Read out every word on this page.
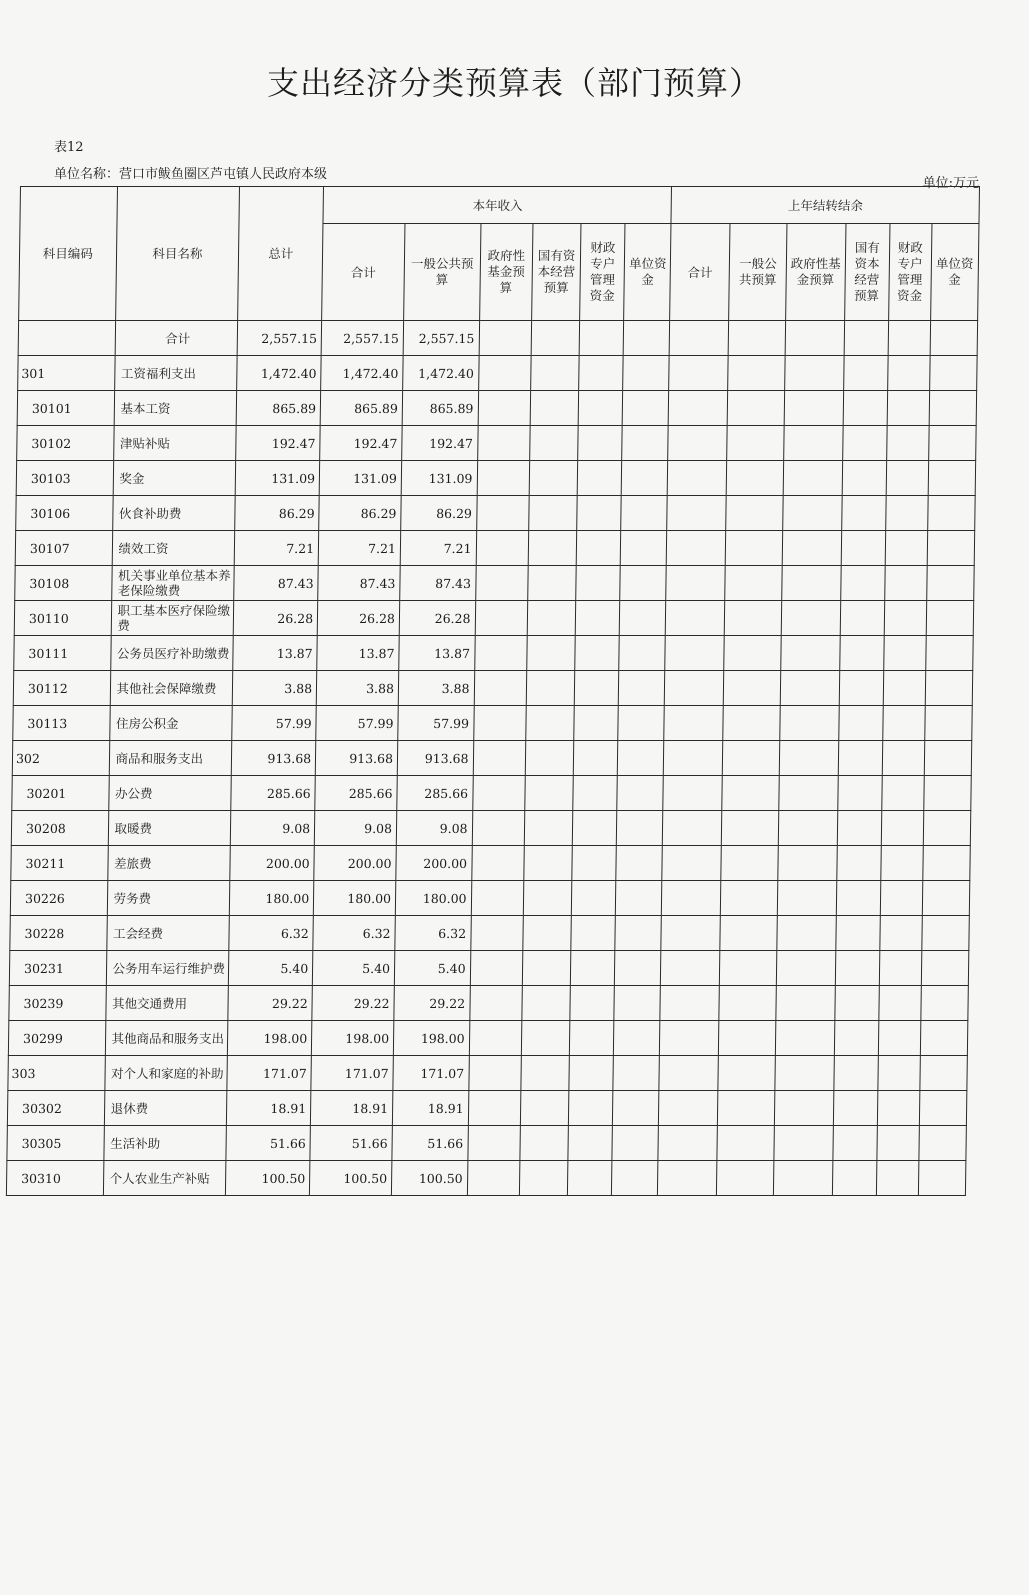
支出经济分类预算表（部门预算）
表12
单位名称：营口市鲅鱼圈区芦屯镇人民政府本级
单位:万元
科目编码	科目名称	总计	本年收入						上年结转结余					
			合计	一般公共预算	政府性基金预算	国有资本经营预算	财政专户管理资金	单位资金	合计	一般公共预算	政府性基金预算	国有资本经营预算	财政专户管理资金	单位资金
	合计	2,557.15	2,557.15	2,557.15										
301	工资福利支出	1,472.40	1,472.40	1,472.40										
30101	基本工资	865.89	865.89	865.89										
30102	津贴补贴	192.47	192.47	192.47										
30103	奖金	131.09	131.09	131.09										
30106	伙食补助费	86.29	86.29	86.29										
30107	绩效工资	7.21	7.21	7.21										
30108	机关事业单位基本养老保险缴费	87.43	87.43	87.43										
30110	职工基本医疗保险缴费	26.28	26.28	26.28										
30111	公务员医疗补助缴费	13.87	13.87	13.87										
30112	其他社会保障缴费	3.88	3.88	3.88										
30113	住房公积金	57.99	57.99	57.99										
302	商品和服务支出	913.68	913.68	913.68										
30201	办公费	285.66	285.66	285.66										
30208	取暖费	9.08	9.08	9.08										
30211	差旅费	200.00	200.00	200.00										
30226	劳务费	180.00	180.00	180.00										
30228	工会经费	6.32	6.32	6.32										
30231	公务用车运行维护费	5.40	5.40	5.40										
30239	其他交通费用	29.22	29.22	29.22										
30299	其他商品和服务支出	198.00	198.00	198.00										
303	对个人和家庭的补助	171.07	171.07	171.07										
30302	退休费	18.91	18.91	18.91										
30305	生活补助	51.66	51.66	51.66										
30310	个人农业生产补贴	100.50	100.50	100.50										
